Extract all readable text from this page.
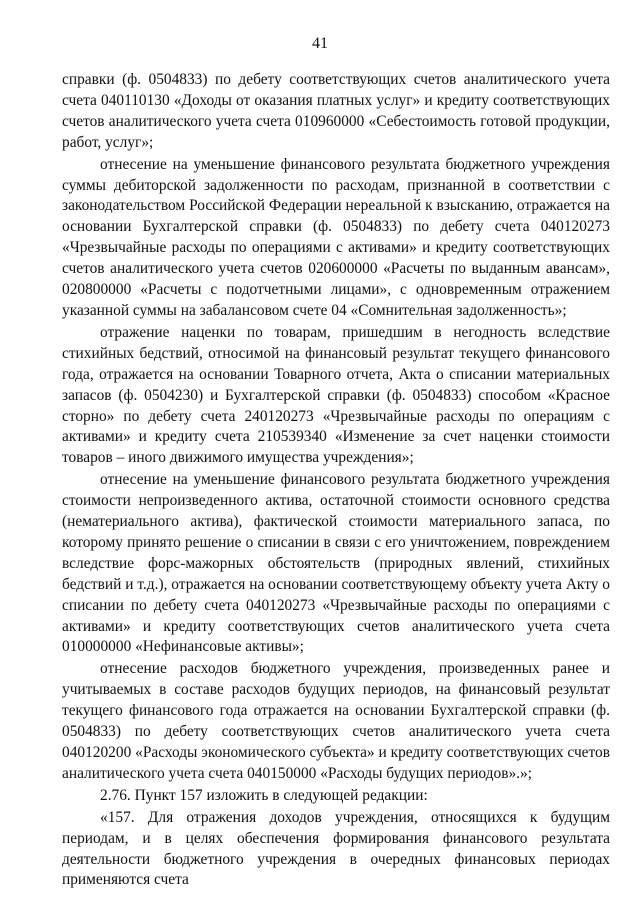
41

справки (ф. 0504833) по дебету соответствующих счетов аналитического учета счета 040110130 «Доходы от оказания платных услуг» и кредиту соответствующих счетов аналитического учета счета 010960000 «Себестоимость готовой продукции, работ, услуг»;

отнесение на уменьшение финансового результата бюджетного учреждения суммы дебиторской задолженности по расходам, признанной в соответствии с законодательством Российской Федерации нереальной к взысканию, отражается на основании Бухгалтерской справки (ф. 0504833) по дебету счета 040120273 «Чрезвычайные расходы по операциями с активами» и кредиту соответствующих счетов аналитического учета счетов 020600000 «Расчеты по выданным авансам», 020800000 «Расчеты с подотчетными лицами», с одновременным отражением указанной суммы на забалансовом счете 04 «Сомнительная задолженность»;

отражение наценки по товарам, пришедшим в негодность вследствие стихийных бедствий, относимой на финансовый результат текущего финансового года, отражается на основании Товарного отчета, Акта о списании материальных запасов (ф. 0504230) и Бухгалтерской справки (ф. 0504833) способом «Красное сторно» по дебету счета 240120273 «Чрезвычайные расходы по операциям с активами» и кредиту счета 210539340 «Изменение за счет наценки стоимости товаров – иного движимого имущества учреждения»;

отнесение на уменьшение финансового результата бюджетного учреждения стоимости непроизведенного актива, остаточной стоимости основного средства (нематериального актива), фактической стоимости материального запаса, по которому принято решение о списании в связи с его уничтожением, повреждением вследствие форс-мажорных обстоятельств (природных явлений, стихийных бедствий и т.д.), отражается на основании соответствующему объекту учета Акту о списании по дебету счета 040120273 «Чрезвычайные расходы по операциями с активами» и кредиту соответствующих счетов аналитического учета счета 010000000 «Нефинансовые активы»;

отнесение расходов бюджетного учреждения, произведенных ранее и учитываемых в составе расходов будущих периодов, на финансовый результат текущего финансового года отражается на основании Бухгалтерской справки (ф. 0504833) по дебету соответствующих счетов аналитического учета счета 040120200 «Расходы экономического субъекта» и кредиту соответствующих счетов аналитического учета счета 040150000 «Расходы будущих периодов».»;

2.76. Пункт 157 изложить в следующей редакции:

«157. Для отражения доходов учреждения, относящихся к будущим периодам, и в целях обеспечения формирования финансового результата деятельности бюджетного учреждения в очередных финансовых периодах применяются счета
